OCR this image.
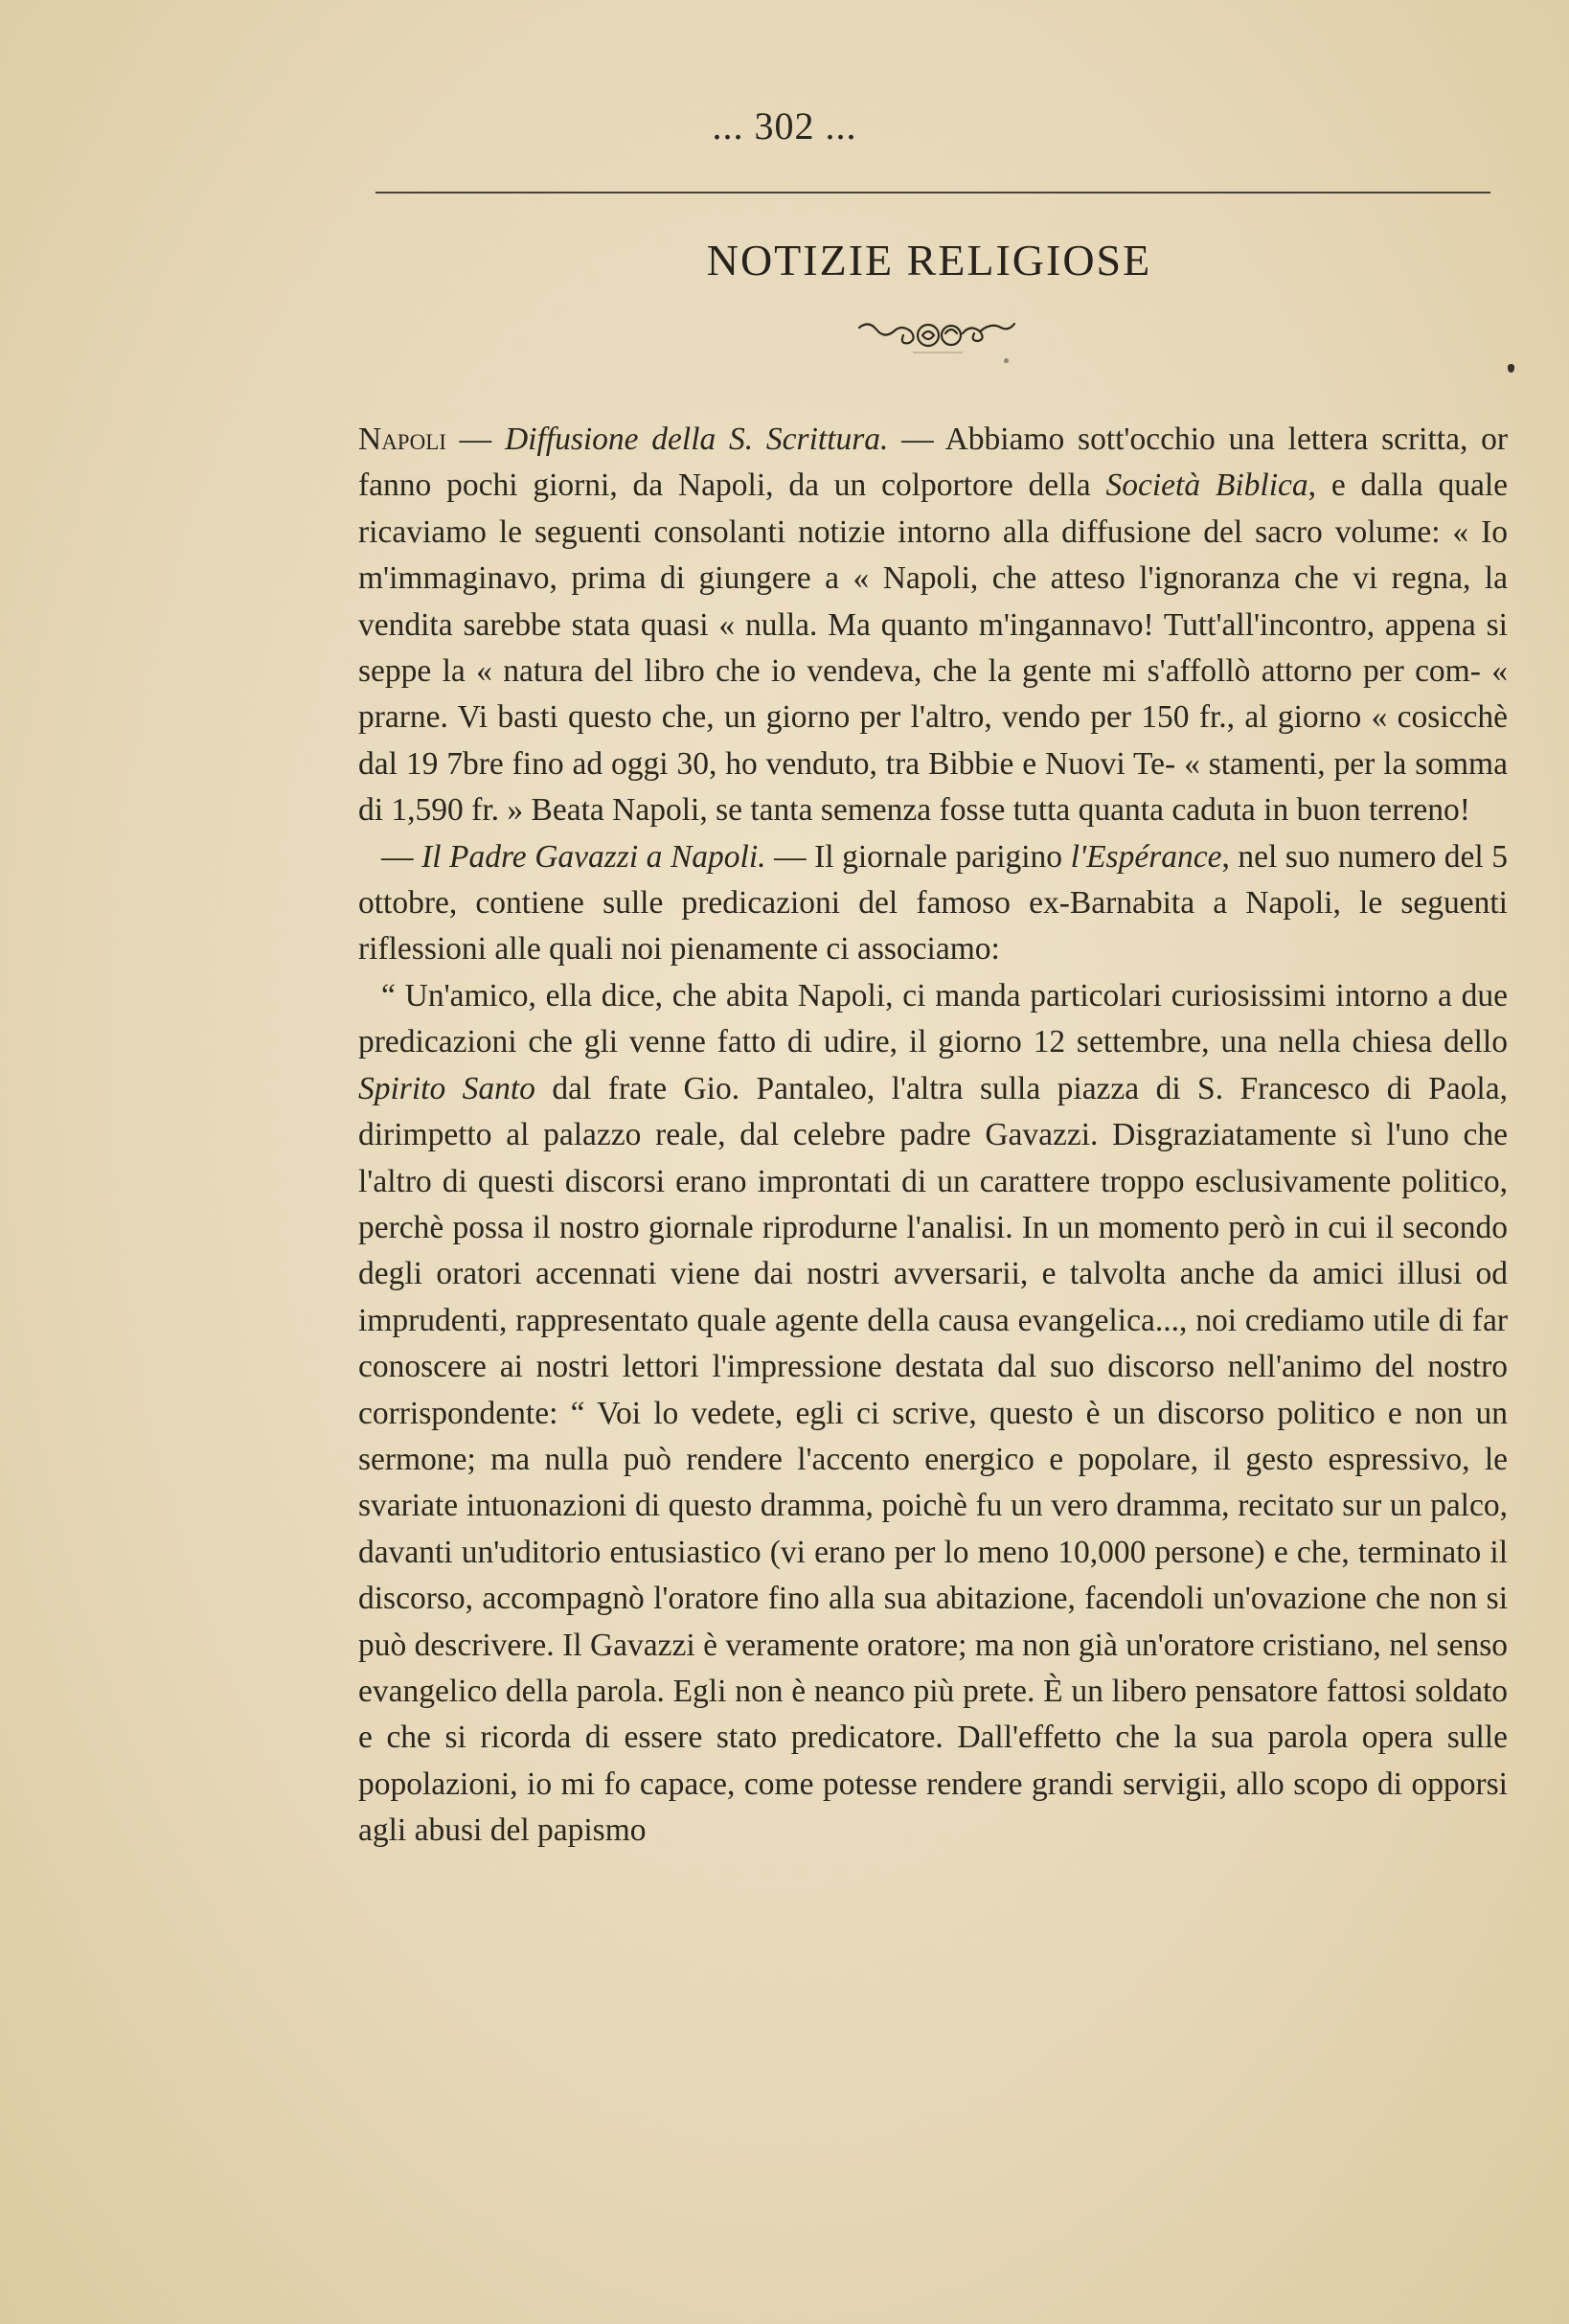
... 302 ...
NOTIZIE RELIGIOSE

Napoli — Diffusione della S. Scrittura. — Abbiamo sott'occhio una lettera scritta, or fanno pochi giorni, da Napoli, da un colportore della Società Biblica, e dalla quale ricaviamo le seguenti consolanti notizie intorno alla diffusione del sacro volume: « Io m'immaginavo, prima di giungere a « Napoli, che atteso l'ignoranza che vi regna, la vendita sarebbe stata quasi « nulla. Ma quanto m'ingannavo! Tutt'all'incontro, appena si seppe la « natura del libro che io vendeva, che la gente mi s'affollò attorno per com- « prarne. Vi basti questo che, un giorno per l'altro, vendo per 150 fr., al giorno « cosicchè dal 19 7bre fino ad oggi 30, ho venduto, tra Bibbie e Nuovi Te- « stamenti, per la somma di 1,590 fr. » Beata Napoli, se tanta semenza fosse tutta quanta caduta in buon terreno!

— Il Padre Gavazzi a Napoli. — Il giornale parigino l'Espérance, nel suo numero del 5 ottobre, contiene sulle predicazioni del famoso ex-Barnabita a Napoli, le seguenti riflessioni alle quali noi pienamente ci associamo:

“ Un'amico, ella dice, che abita Napoli, ci manda particolari curiosissimi intorno a due predicazioni che gli venne fatto di udire, il giorno 12 settembre, una nella chiesa dello Spirito Santo dal frate Gio. Pantaleo, l'altra sulla piazza di S. Francesco di Paola, dirimpetto al palazzo reale, dal celebre padre Gavazzi. Disgraziatamente sì l'uno che l'altro di questi discorsi erano improntati di un carattere troppo esclusivamente politico, perchè possa il nostro giornale riprodurne l'analisi. In un momento però in cui il secondo degli oratori accennati viene dai nostri avversarii, e talvolta anche da amici illusi od imprudenti, rappresentato quale agente della causa evangelica..., noi crediamo utile di far conoscere ai nostri lettori l'impressione destata dal suo discorso nell'animo del nostro corrispondente: “ Voi lo vedete, egli ci scrive, questo è un discorso politico e non un sermone; ma nulla può rendere l'accento energico e popolare, il gesto espressivo, le svariate intuonazioni di questo dramma, poichè fu un vero dramma, recitato sur un palco, davanti un'uditorio entusiastico (vi erano per lo meno 10,000 persone) e che, terminato il discorso, accompagnò l'oratore fino alla sua abitazione, facendoli un'ovazione che non si può descrivere. Il Gavazzi è veramente oratore; ma non già un'oratore cristiano, nel senso evangelico della parola. Egli non è neanco più prete. È un libero pensatore fattosi soldato e che si ricorda di essere stato predicatore. Dall'effetto che la sua parola opera sulle popolazioni, io mi fo capace, come potesse rendere grandi servigii, allo scopo di opporsi agli abusi del papismo
